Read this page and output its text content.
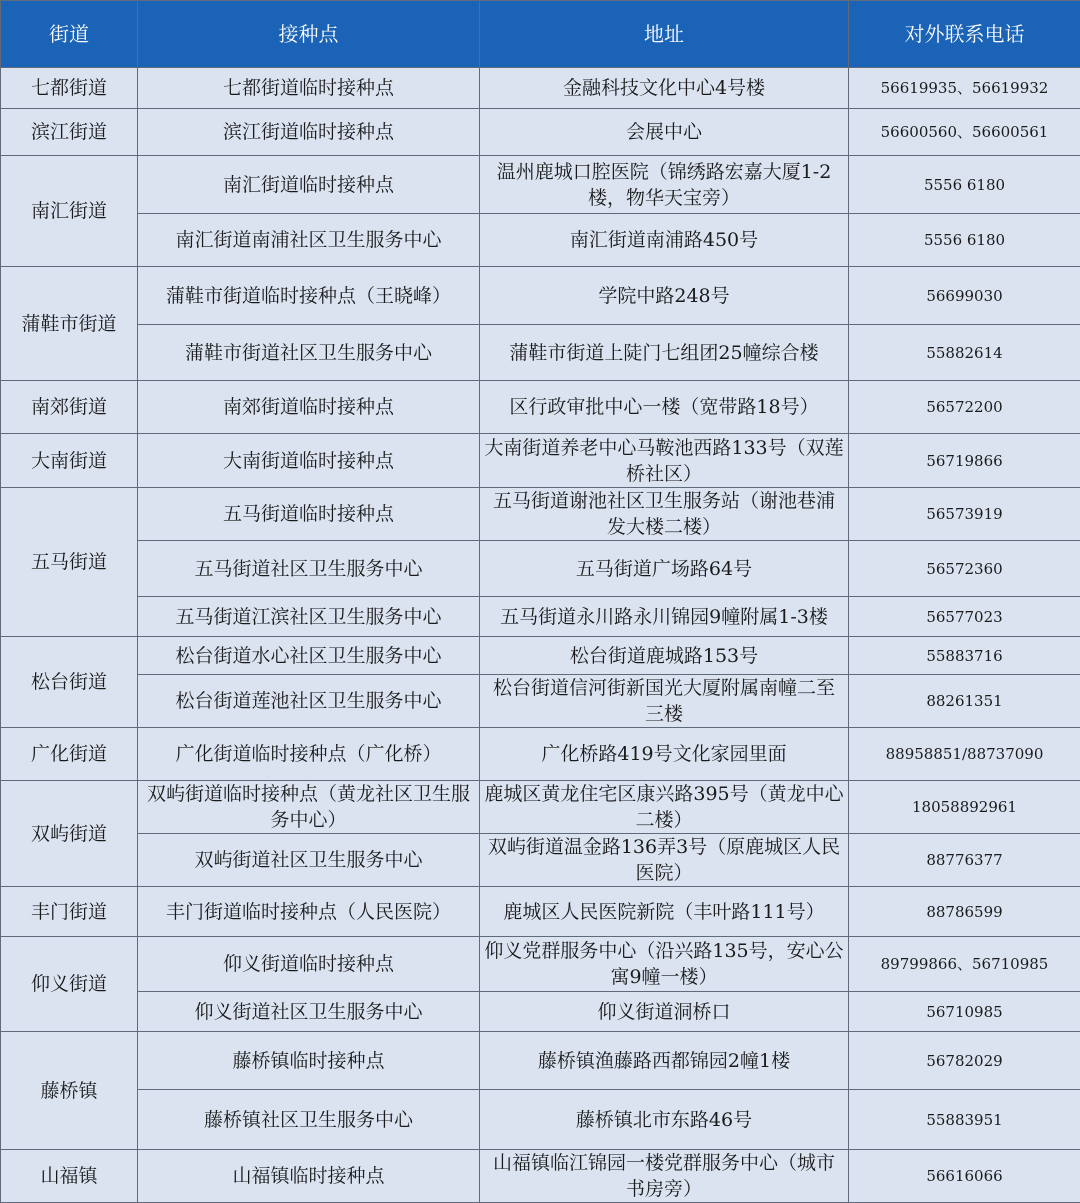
街道	接种点	地址	对外联系电话
七都街道	七都街道临时接种点	金融科技文化中心4号楼	56619935、56619932
滨江街道	滨江街道临时接种点	会展中心	56600560、56600561
南汇街道	南汇街道临时接种点	温州鹿城口腔医院（锦绣路宏嘉大厦1-2楼，物华天宝旁）	5556 6180
	南汇街道南浦社区卫生服务中心	南汇街道南浦路450号	5556 6180
蒲鞋市街道	蒲鞋市街道临时接种点（王晓峰）	学院中路248号	56699030
	蒲鞋市街道社区卫生服务中心	蒲鞋市街道上陡门七组团25幢综合楼	55882614
南郊街道	南郊街道临时接种点	区行政审批中心一楼（宽带路18号）	56572200
大南街道	大南街道临时接种点	大南街道养老中心马鞍池西路133号（双莲桥社区）	56719866
五马街道	五马街道临时接种点	五马街道谢池社区卫生服务站（谢池巷浦发大楼二楼）	56573919
	五马街道社区卫生服务中心	五马街道广场路64号	56572360
	五马街道江滨社区卫生服务中心	五马街道永川路永川锦园9幢附属1-3楼	56577023
松台街道	松台街道水心社区卫生服务中心	松台街道鹿城路153号	55883716
	松台街道莲池社区卫生服务中心	松台街道信河街新国光大厦附属南幢二至三楼	88261351
广化街道	广化街道临时接种点（广化桥）	广化桥路419号文化家园里面	88958851/88737090
双屿街道	双屿街道临时接种点（黄龙社区卫生服务中心）	鹿城区黄龙住宅区康兴路395号（黄龙中心二楼）	18058892961
	双屿街道社区卫生服务中心	双屿街道温金路136弄3号（原鹿城区人民医院）	88776377
丰门街道	丰门街道临时接种点（人民医院）	鹿城区人民医院新院（丰叶路111号）	88786599
仰义街道	仰义街道临时接种点	仰义党群服务中心（沿兴路135号，安心公寓9幢一楼）	89799866、56710985
	仰义街道社区卫生服务中心	仰义街道洞桥口	56710985
藤桥镇	藤桥镇临时接种点	藤桥镇渔藤路西都锦园2幢1楼	56782029
	藤桥镇社区卫生服务中心	藤桥镇北市东路46号	55883951
山福镇	山福镇临时接种点	山福镇临江锦园一楼党群服务中心（城市书房旁）	56616066
